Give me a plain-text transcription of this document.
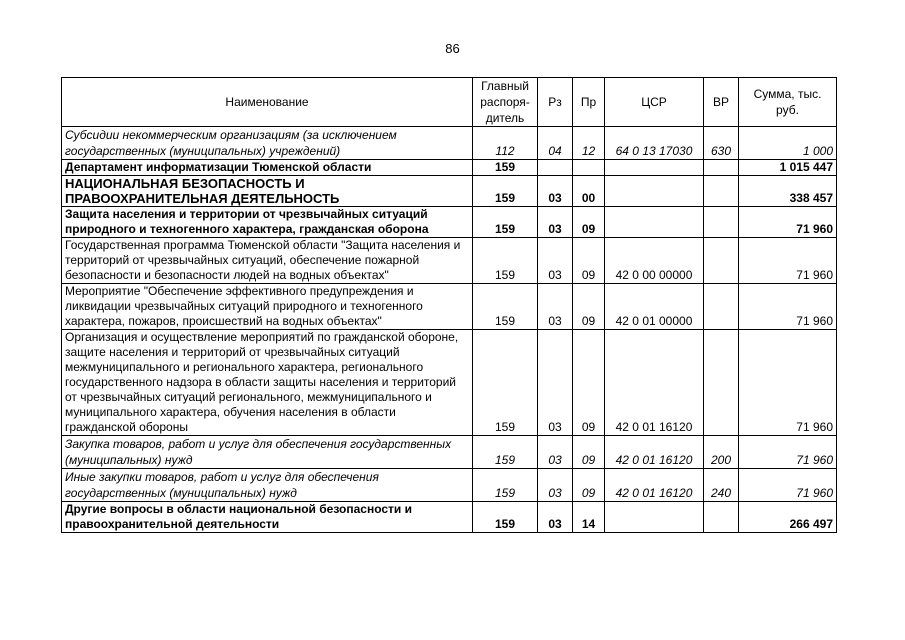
86
Наименование	Главный распоря- дитель	Рз	Пр	ЦСР	ВР	Сумма, тыс. руб.
Субсидии некоммерческим организациям (за исключением государственных (муниципальных) учреждений)	112	04	12	64 0 13 17030	630	1 000
Департамент информатизации Тюменской области	159					1 015 447
НАЦИОНАЛЬНАЯ БЕЗОПАСНОСТЬ И ПРАВООХРАНИТЕЛЬНАЯ ДЕЯТЕЛЬНОСТЬ	159	03	00			338 457
Защита населения и территории от чрезвычайных ситуаций природного и техногенного характера, гражданская оборона	159	03	09			71 960
Государственная программа Тюменской области "Защита населения и территорий от чрезвычайных ситуаций, обеспечение пожарной безопасности и безопасности людей на водных объектах"	159	03	09	42 0 00 00000		71 960
Мероприятие "Обеспечение эффективного предупреждения и ликвидации чрезвычайных ситуаций природного и техногенного характера, пожаров, происшествий на водных объектах"	159	03	09	42 0 01 00000		71 960
Организация и осуществление мероприятий по гражданской обороне, защите населения и территорий от чрезвычайных ситуаций межмуниципального и регионального характера, регионального государственного надзора в области защиты населения и территорий от чрезвычайных ситуаций регионального, межмуниципального и муниципального характера, обучения населения в области гражданской обороны	159	03	09	42 0 01 16120		71 960
Закупка товаров, работ и услуг для обеспечения государственных (муниципальных) нужд	159	03	09	42 0 01 16120	200	71 960
Иные закупки товаров, работ и услуг для обеспечения государственных (муниципальных) нужд	159	03	09	42 0 01 16120	240	71 960
Другие вопросы в области национальной безопасности и правоохранительной деятельности	159	03	14			266 497
